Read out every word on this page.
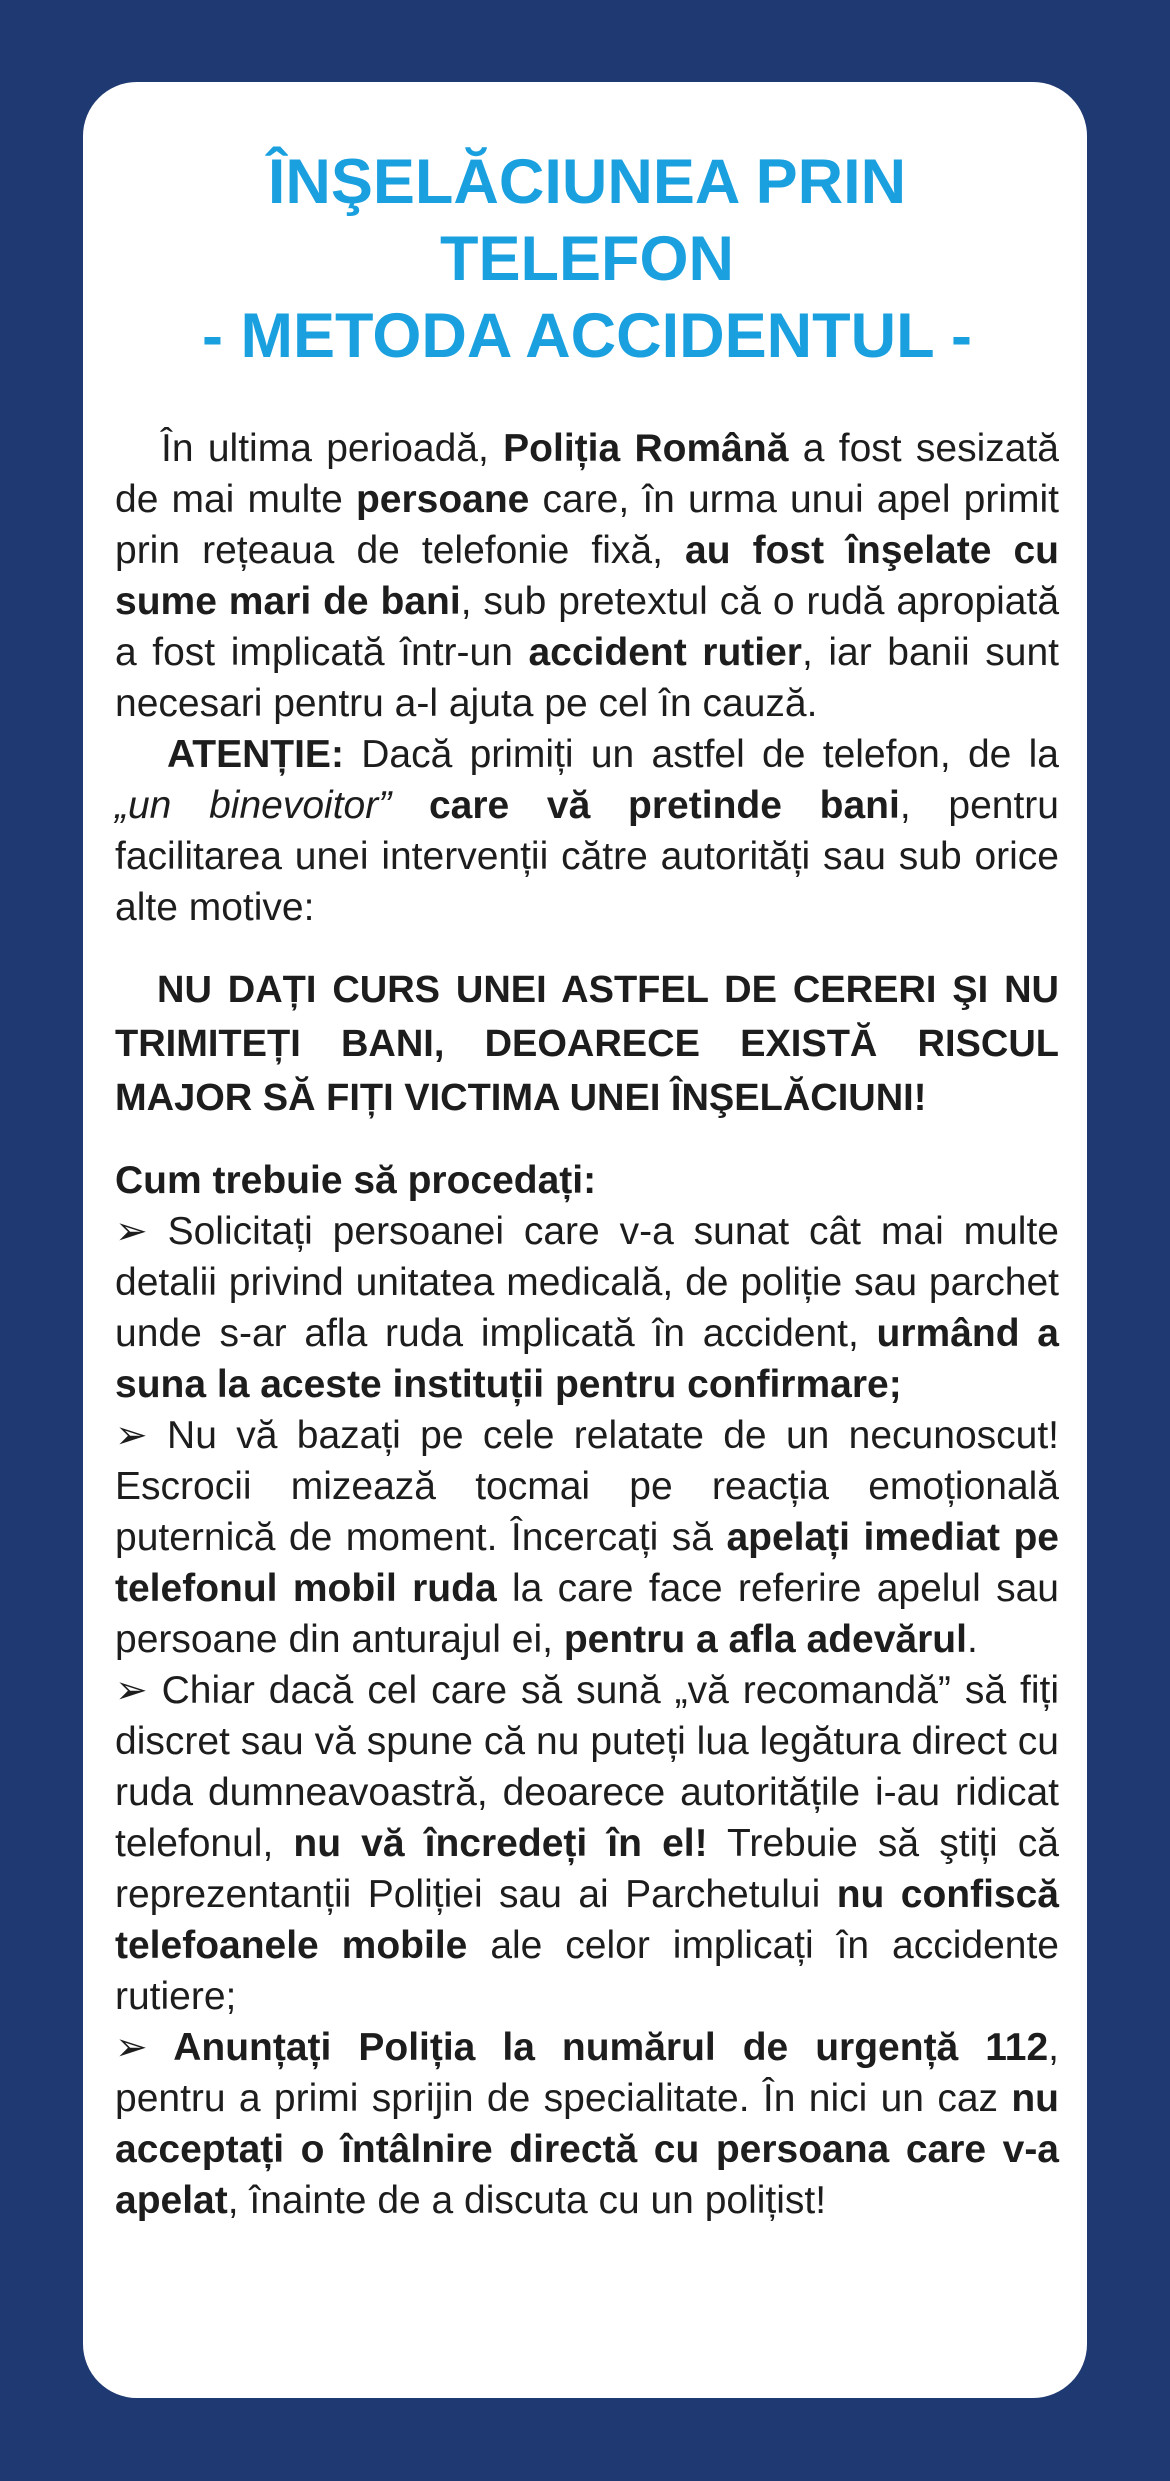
ÎNŞELĂCIUNEA PRIN TELEFON
- METODA ACCIDENTUL -

În ultima perioadă, Poliția Română a fost sesizată de mai multe persoane care, în urma unui apel primit prin rețeaua de telefonie fixă, au fost înşelate cu sume mari de bani, sub pretextul că o rudă apropiată a fost implicată într-un accident rutier, iar banii sunt necesari pentru a-l ajuta pe cel în cauză.

ATENȚIE: Dacă primiți un astfel de telefon, de la „un binevoitor” care vă pretinde bani, pentru facilitarea unei intervenții către autorități sau sub orice alte motive:

NU DAȚI CURS UNEI ASTFEL DE CERERI ŞI NU TRIMITEȚI BANI, DEOARECE EXISTĂ RISCUL MAJOR SĂ FIȚI VICTIMA UNEI ÎNŞELĂCIUNI!

Cum trebuie să procedați:

➢ Solicitați persoanei care v-a sunat cât mai multe detalii privind unitatea medicală, de poliție sau parchet unde s-ar afla ruda implicată în accident, urmând a suna la aceste instituții pentru confirmare;

➢ Nu vă bazați pe cele relatate de un necunoscut! Escrocii mizează tocmai pe reacția emoțională puternică de moment. Încercați să apelați imediat pe telefonul mobil ruda la care face referire apelul sau persoane din anturajul ei, pentru a afla adevărul.

➢ Chiar dacă cel care să sună „vă recomandă” să fiți discret sau vă spune că nu puteți lua legătura direct cu ruda dumneavoastră, deoarece autoritățile i-au ridicat telefonul, nu vă încredeți în el! Trebuie să ştiți că reprezentanții Poliției sau ai Parchetului nu confiscă telefoanele mobile ale celor implicați în accidente rutiere;

➢ Anunțați Poliția la numărul de urgență 112, pentru a primi sprijin de specialitate. În nici un caz nu acceptați o întâlnire directă cu persoana care v-a apelat, înainte de a discuta cu un polițist!
